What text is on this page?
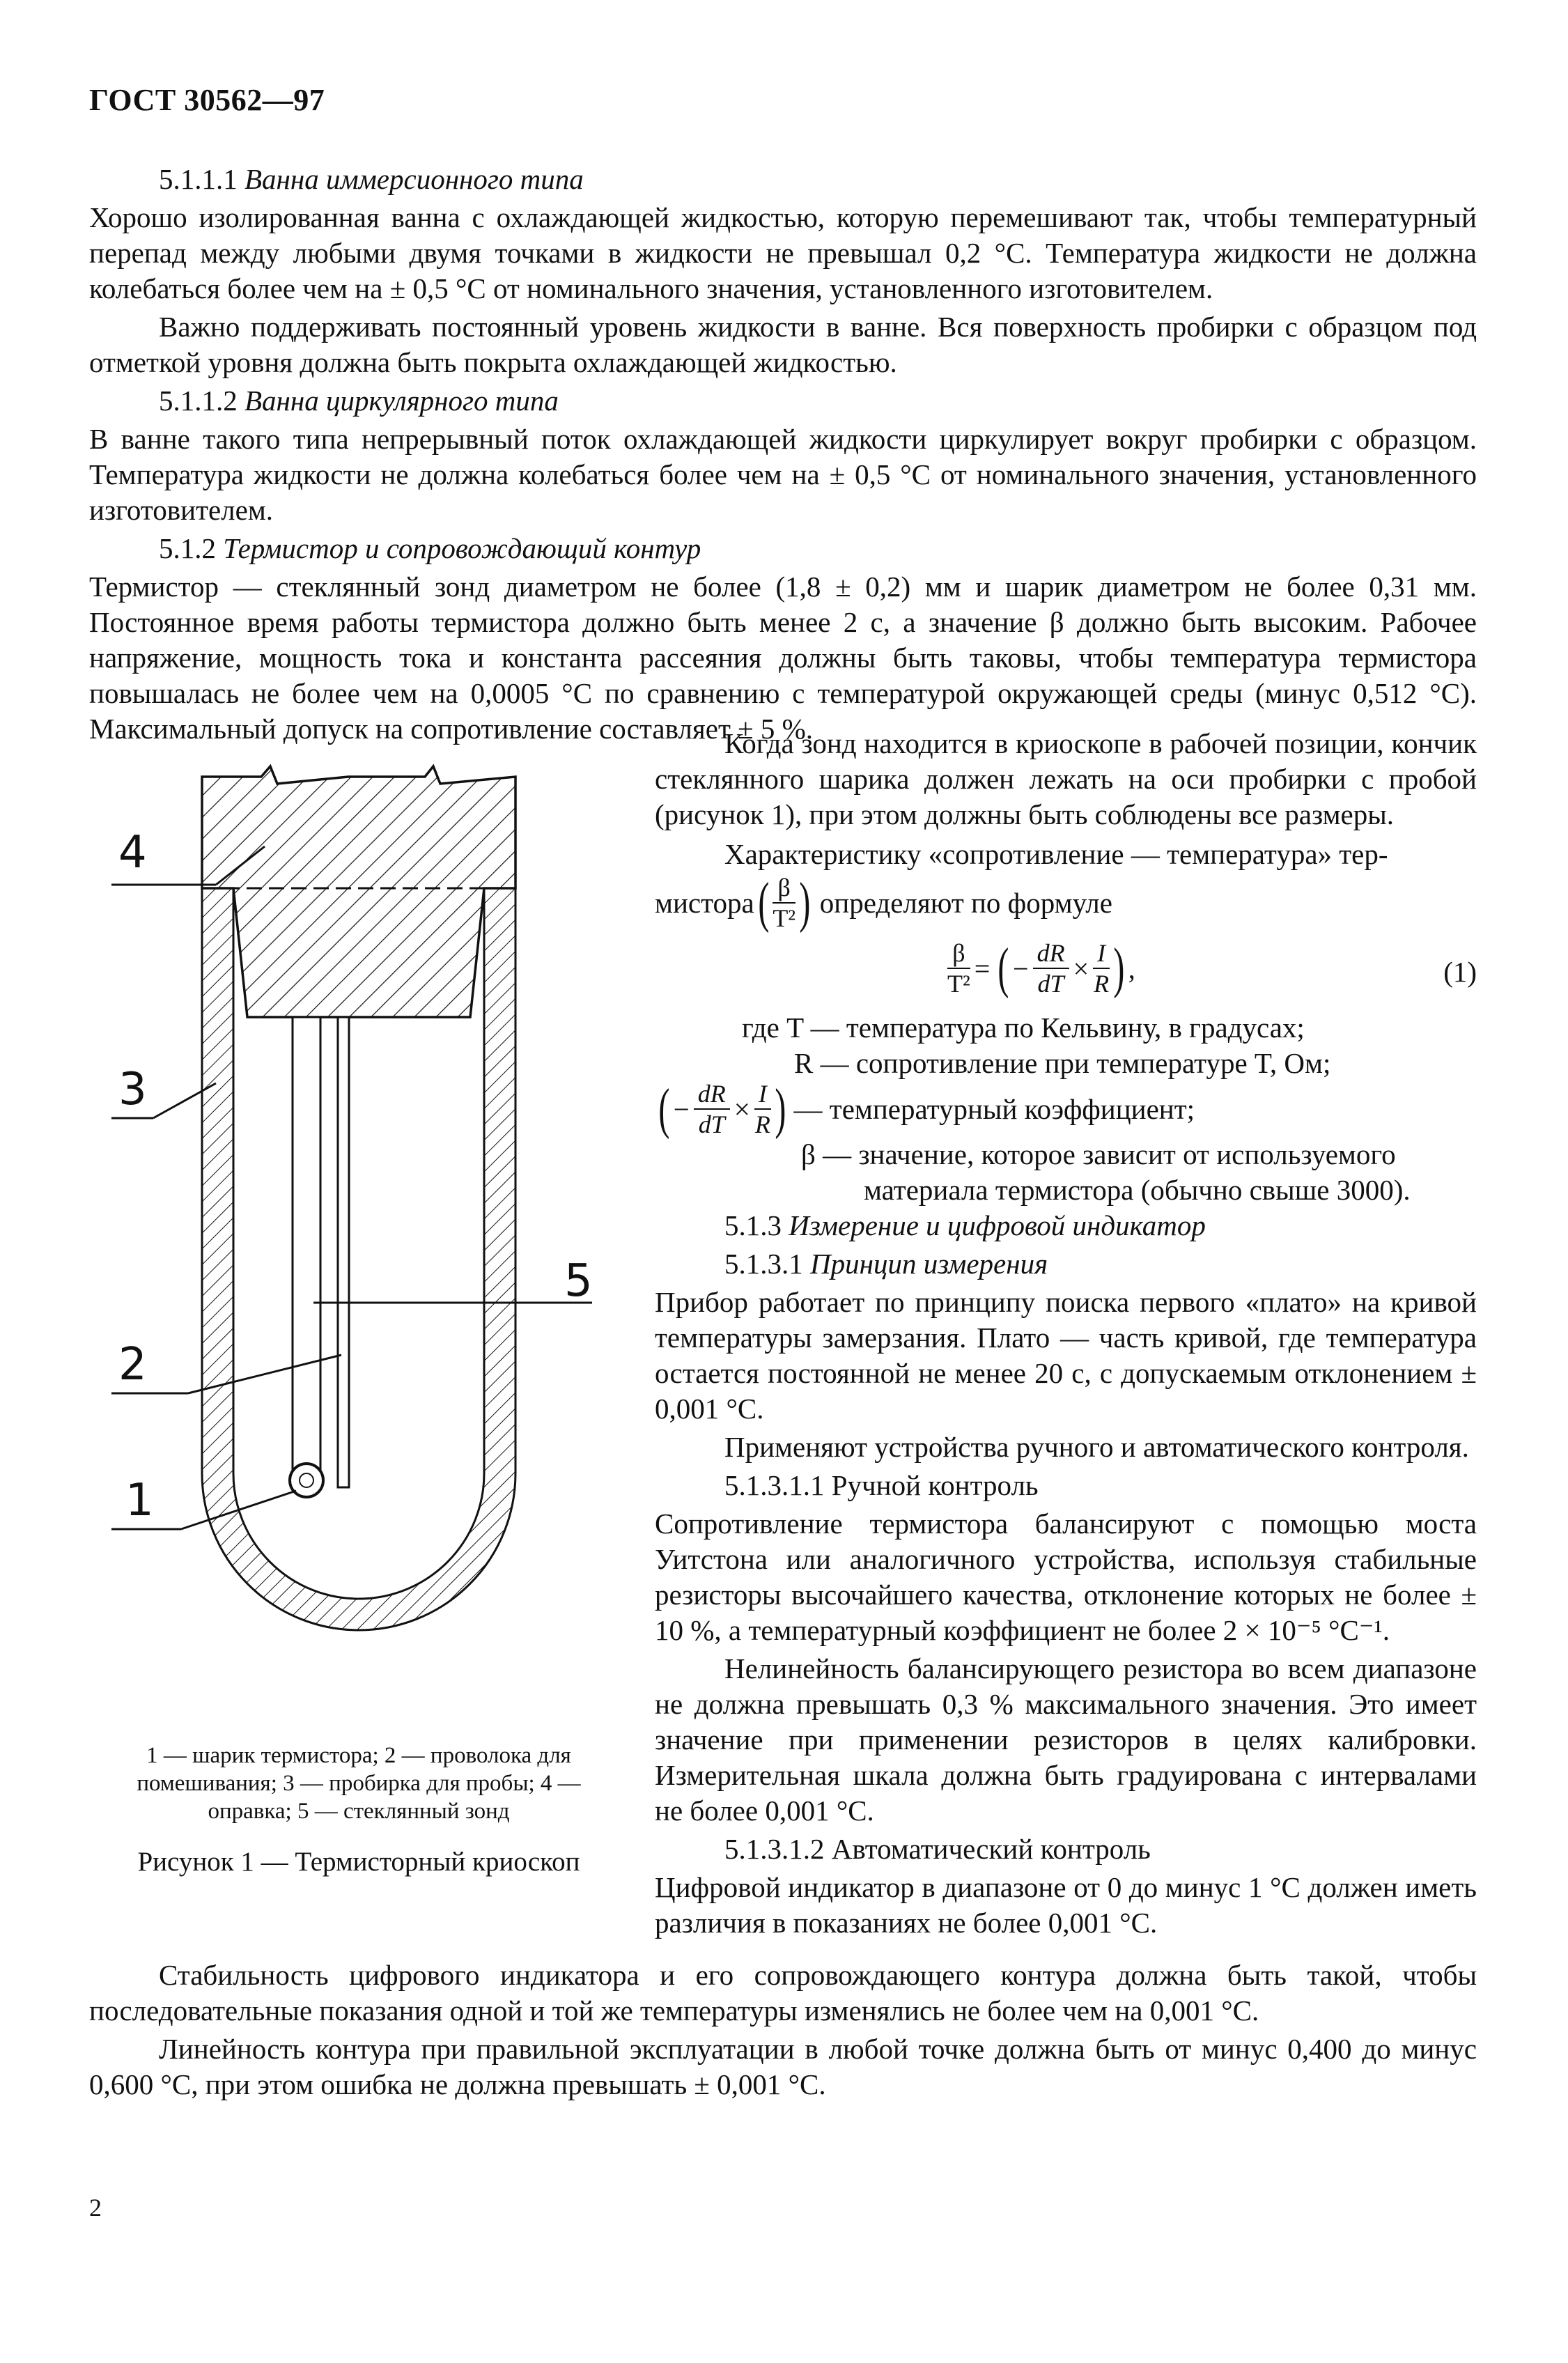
ГОСТ 30562—97

5.1.1.1 Ванна иммерсионного типа

Хорошо изолированная ванна с охлаждающей жидкостью, которую перемешивают так, чтобы температурный перепад между любыми двумя точками в жидкости не превышал 0,2 °С. Температура жидкости не должна колебаться более чем на ± 0,5 °С от номинального значения, установленного изготовителем.

Важно поддерживать постоянный уровень жидкости в ванне. Вся поверхность пробирки с образцом под отметкой уровня должна быть покрыта охлаждающей жидкостью.

5.1.1.2 Ванна циркулярного типа

В ванне такого типа непрерывный поток охлаждающей жидкости циркулирует вокруг пробирки с образцом. Температура жидкости не должна колебаться более чем на ± 0,5 °С от номинального значения, установленного изготовителем.

5.1.2 Термистор и сопровождающий контур

Термистор — стеклянный зонд диаметром не более (1,8 ± 0,2) мм и шарик диаметром не более 0,31 мм. Постоянное время работы термистора должно быть менее 2 с, а значение β должно быть высоким. Рабочее напряжение, мощность тока и константа рассеяния должны быть таковы, чтобы температура термистора повышалась не более чем на 0,0005 °С по сравнению с температурой окружающей среды (минус 0,512 °С). Максимальный допуск на сопротивление составляет ± 5 %.

4
3
2
1
5
1 — шарик термистора; 2 — проволока для помешивания; 3 — пробирка для пробы; 4 — оправка; 5 — стеклянный зонд
Рисунок 1 — Термисторный криоскоп

Когда зонд находится в криоскопе в рабочей позиции, кончик стеклянного шарика должен лежать на оси пробирки с пробой (рисунок 1), при этом должны быть соблюдены все размеры.

Характеристику «сопротивление — температура» тер-

мистора ( $\frac{\beta}{\text{T²}}$ ) определяют по формуле
$\frac{\beta}{\text{T²}}$ = ( − $\frac{dR}{dT} \times \frac{I}{R}$ ) ,	(1)
где T — температура по Кельвину, в градусах;
R — сопротивление при температуре T, Ом;
( − $\frac{dR}{dT} \times \frac{I}{R}$ ) — температурный коэффициент;
β — значение, которое зависит от используемого
материала термистора (обычно свыше 3000).

5.1.3 Измерение и цифровой индикатор

5.1.3.1 Принцип измерения

Прибор работает по принципу поиска первого «плато» на кривой температуры замерзания. Плато — часть кривой, где температура остается постоянной не менее 20 с, с допускаемым отклонением ± 0,001 °С.

Применяют устройства ручного и автоматического контроля.

5.1.3.1.1 Ручной контроль

Сопротивление термистора балансируют с помощью моста Уитстона или аналогичного устройства, используя стабильные резисторы высочайшего качества, отклонение которых не более ± 10 %, а температурный коэффициент не более 2 × 10⁻⁵ °С⁻¹.

Нелинейность балансирующего резистора во всем диапазоне не должна превышать 0,3 % максимального значения. Это имеет значение при применении резисторов в целях калибровки. Измерительная шкала должна быть градуирована с интервалами не более 0,001 °С.

5.1.3.1.2 Автоматический контроль

Цифровой индикатор в диапазоне от 0 до минус 1 °С должен иметь различия в показаниях не более 0,001 °С.

Стабильность цифрового индикатора и его сопровождающего контура должна быть такой, чтобы последовательные показания одной и той же температуры изменялись не более чем на 0,001 °С.

Линейность контура при правильной эксплуатации в любой точке должна быть от минус 0,400 до минус 0,600 °С, при этом ошибка не должна превышать ± 0,001 °С.

2
